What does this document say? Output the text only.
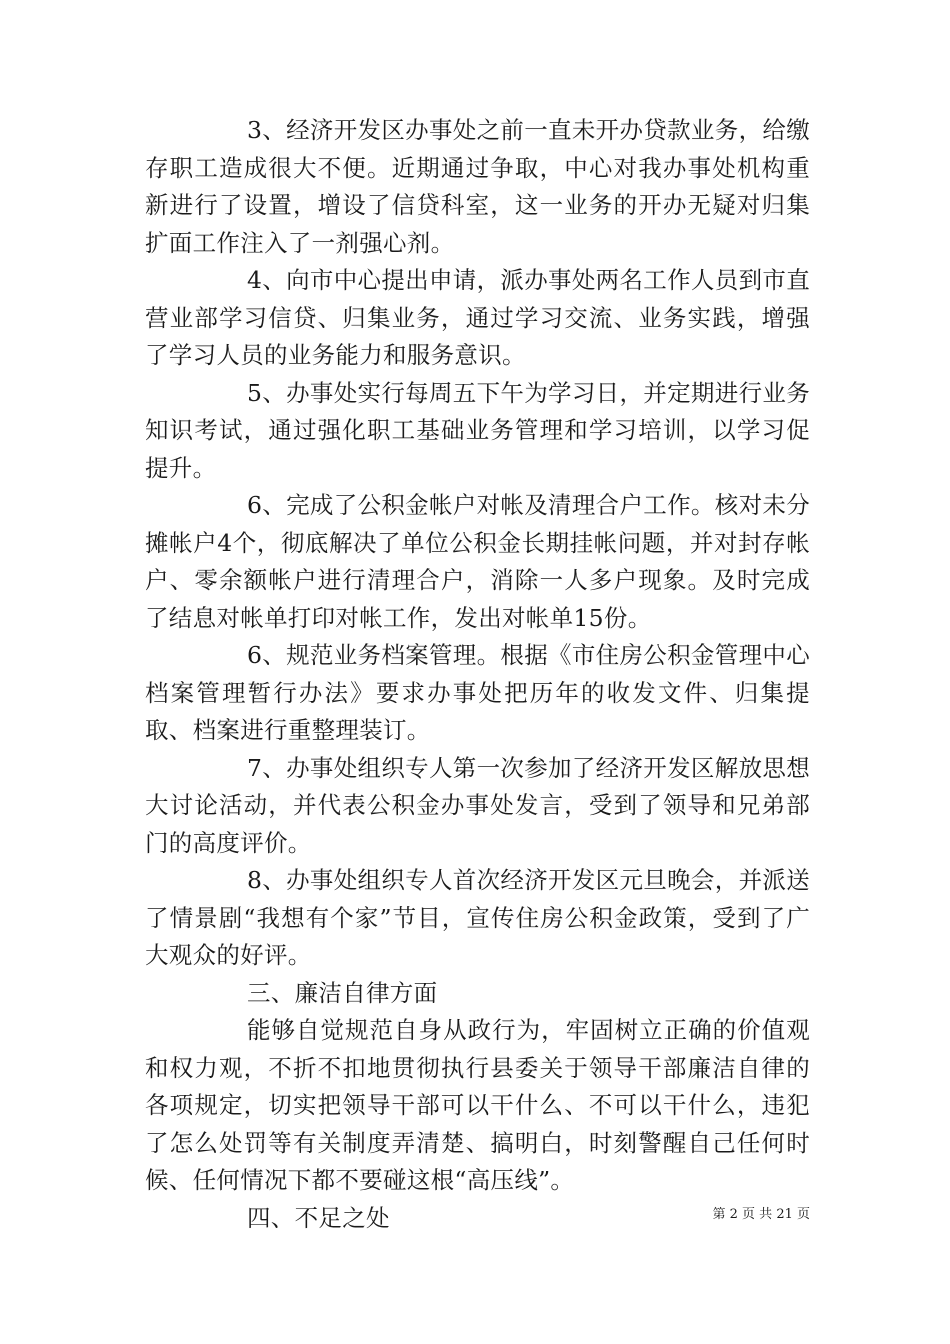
3、经济开发区办事处之前一直未开办贷款业务，给缴存职工造成很大不便。近期通过争取，中心对我办事处机构重新进行了设置，增设了信贷科室，这一业务的开办无疑对归集扩面工作注入了一剂强心剂。

4、向市中心提出申请，派办事处两名工作人员到市直营业部学习信贷、归集业务，通过学习交流、业务实践，增强了学习人员的业务能力和服务意识。

5、办事处实行每周五下午为学习日，并定期进行业务知识考试，通过强化职工基础业务管理和学习培训，以学习促提升。

6、完成了公积金帐户对帐及清理合户工作。核对未分摊帐户4个，彻底解决了单位公积金长期挂帐问题，并对封存帐户、零余额帐户进行清理合户，消除一人多户现象。及时完成了结息对帐单打印对帐工作，发出对帐单15份。

6、规范业务档案管理。根据《市住房公积金管理中心档案管理暂行办法》要求办事处把历年的收发文件、归集提取、档案进行重整理装订。

7、办事处组织专人第一次参加了经济开发区解放思想大讨论活动，并代表公积金办事处发言，受到了领导和兄弟部门的高度评价。

8、办事处组织专人首次经济开发区元旦晚会，并派送了情景剧“我想有个家”节目，宣传住房公积金政策，受到了广大观众的好评。

三、廉洁自律方面

能够自觉规范自身从政行为，牢固树立正确的价值观和权力观，不折不扣地贯彻执行县委关于领导干部廉洁自律的各项规定，切实把领导干部可以干什么、不可以干什么，违犯了怎么处罚等有关制度弄清楚、搞明白，时刻警醒自己任何时候、任何情况下都不要碰这根“高压线”。

四、不足之处	第 2 页 共 21 页
